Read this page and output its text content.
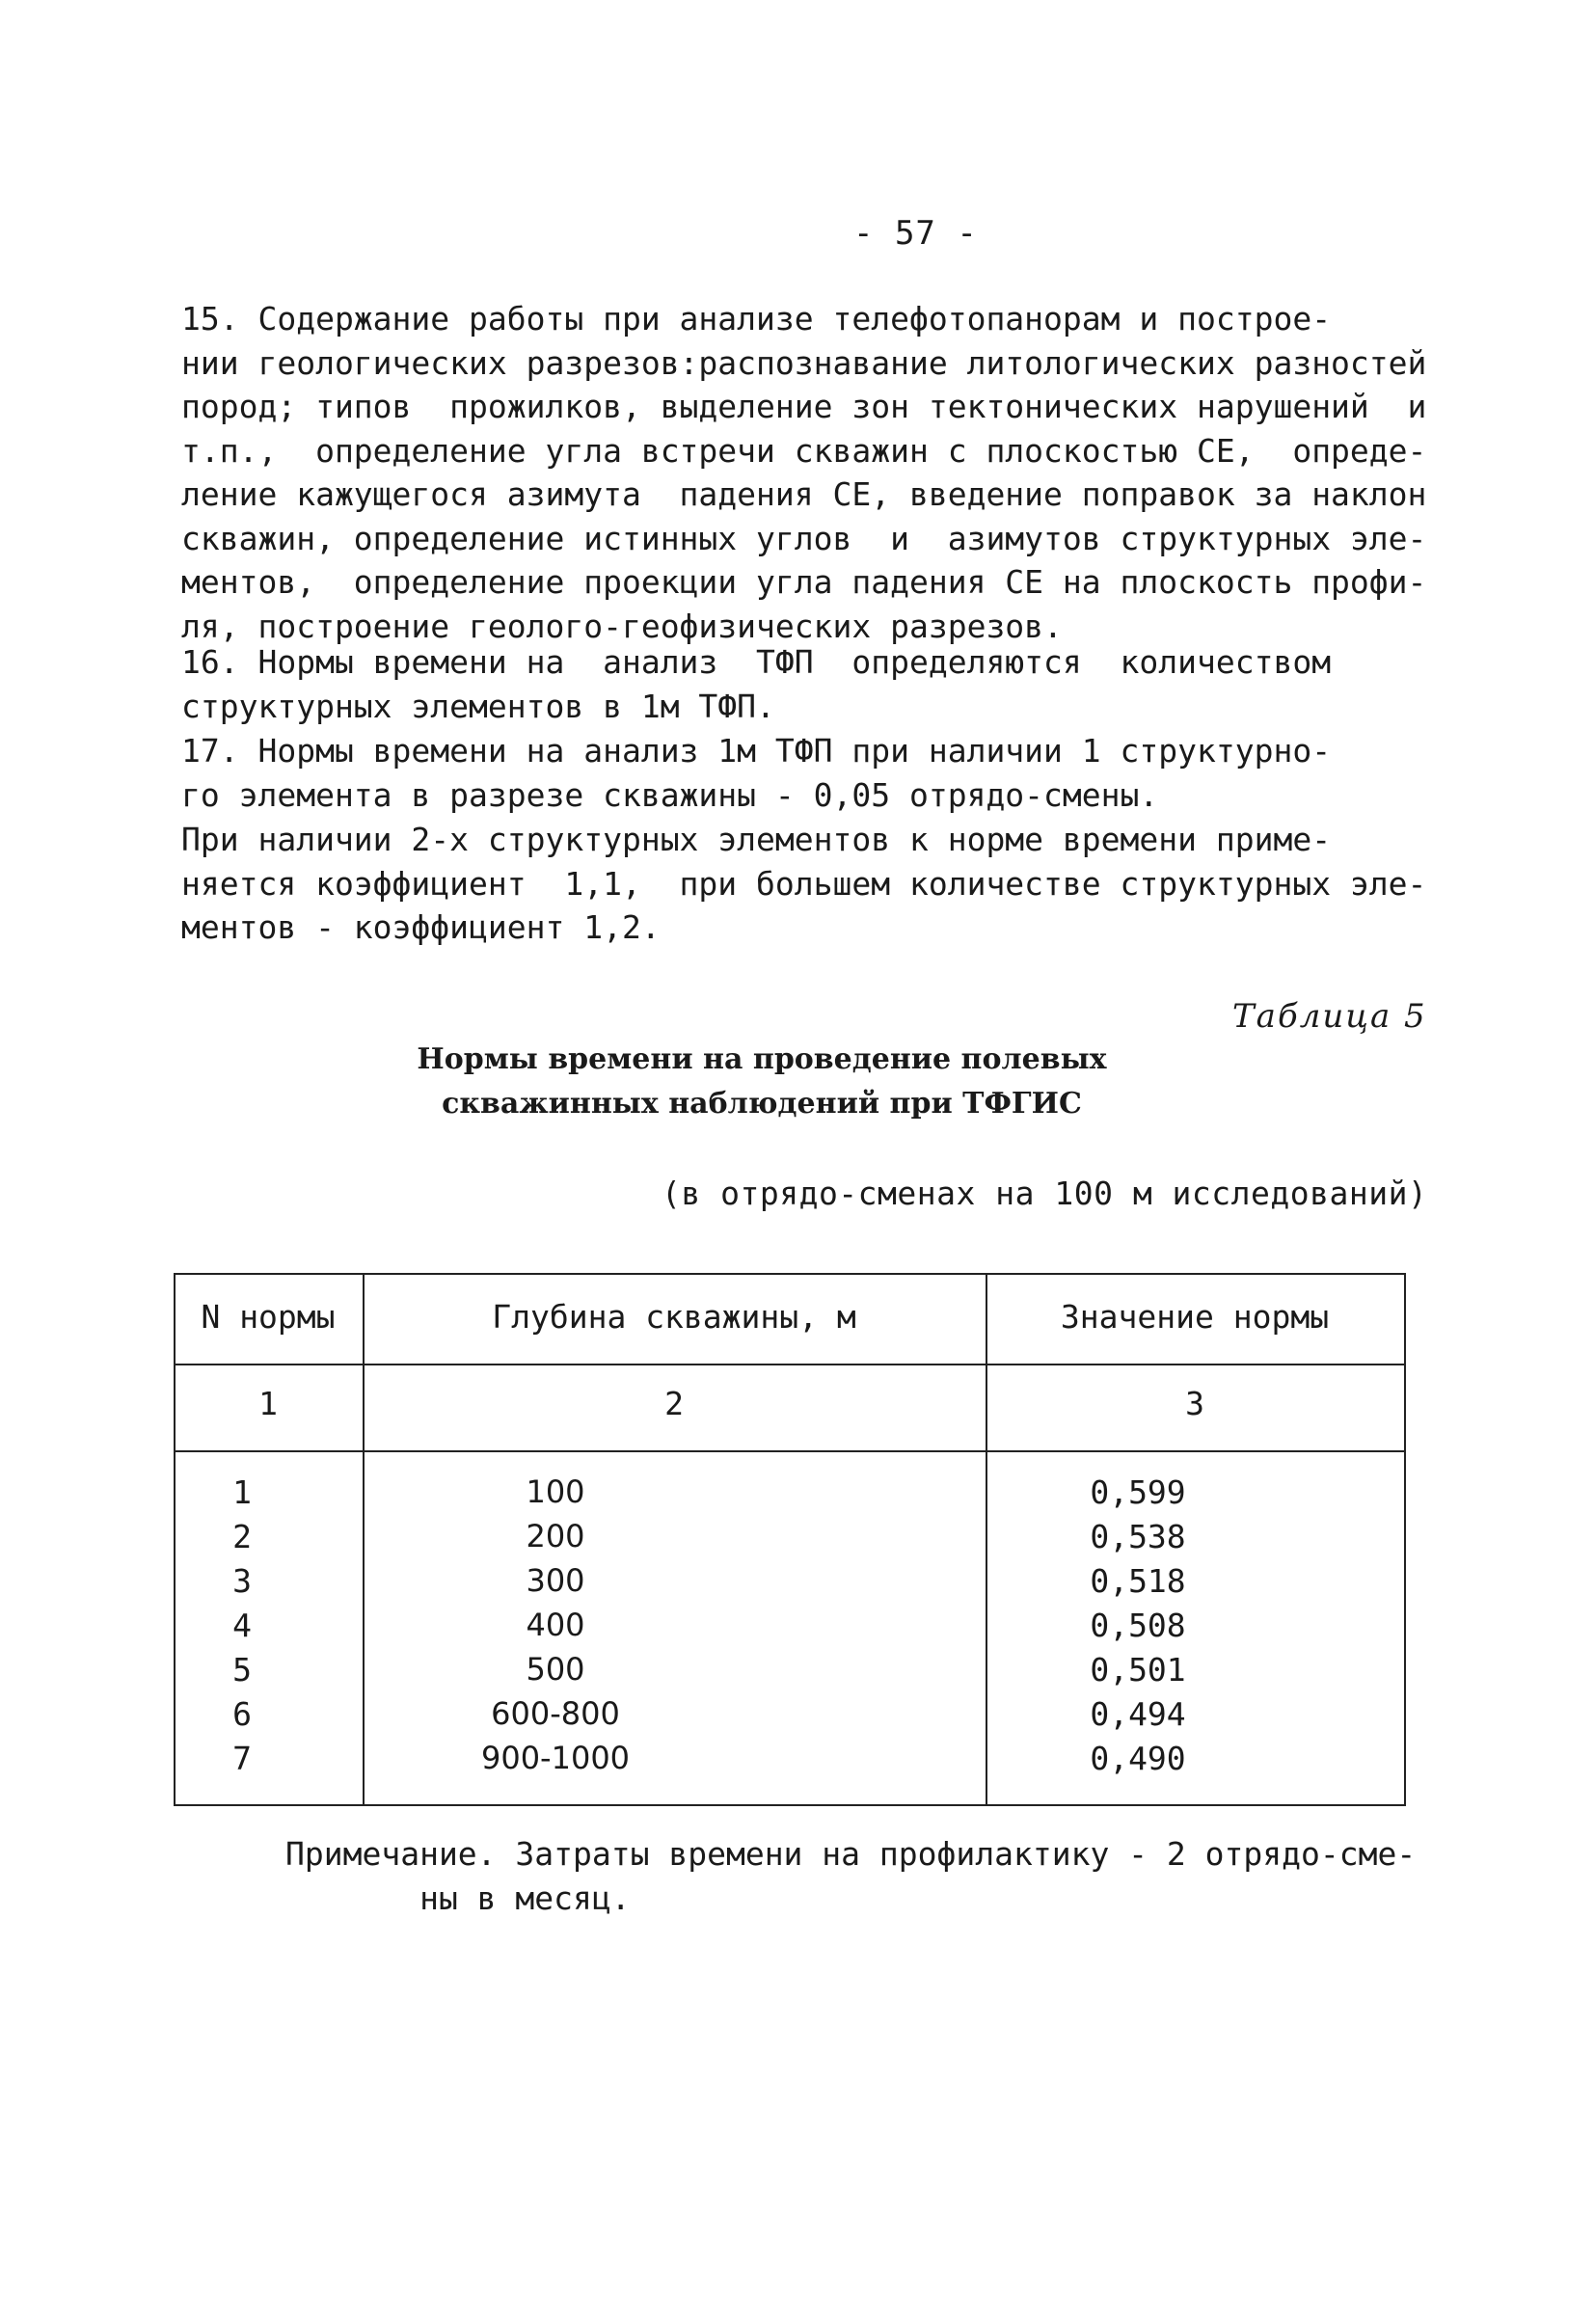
- 57 -

15. Содержание работы при анализе телефотопанорам и построе-
нии геологических разрезов:распознавание литологических разностей
пород; типов  прожилков, выделение зон тектонических нарушений  и
т.п.,  определение угла встречи скважин с плоскостью СЕ,  опреде-
ление кажущегося азимута  падения СЕ, введение поправок за наклон
скважин, определение истинных углов  и  азимутов структурных эле-
ментов,  определение проекции угла падения СЕ на плоскость профи-
ля, построение геолого-геофизических разрезов.

16. Нормы времени на  анализ  ТФП  определяются  количеством
структурных элементов в 1м ТФП.

17. Нормы времени на анализ 1м ТФП при наличии 1 структурно-
го элемента в разрезе скважины - 0,05 отрядо-смены.

При наличии 2-х структурных элементов к норме времени приме-
няется коэффициент  1,1,  при большем количестве структурных эле-
ментов - коэффициент 1,2.

Таблица 5
Нормы времени на проведение полевых
скважинных наблюдений при ТФГИС
(в отрядо-сменах на 100 м исследований)
N нормы	Глубина скважины, м	Значение нормы
1	2	3
1	100	0,599
2	200	0,538
3	300	0,518
4	400	0,508
5	500	0,501
6	600-800	0,494
7	900-1000	0,490

Примечание. Затраты времени на профилактику - 2 отрядо-сме-
ны в месяц.
